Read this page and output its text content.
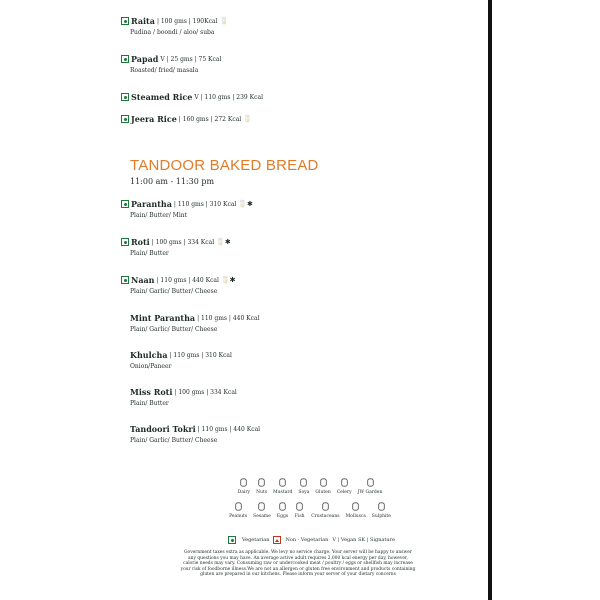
TANDOOR BAKED BREAD
11:00 am - 11:30 pm
Dairy Nuts Mustard Soya Gluten Celery JW Garden
Peanuts Sesame Eggs Fish Crustaceans Molluscs Sulphite
Vegetarian	Non - Vegetarian V | Vegan SK | Signature
Government taxes extra as applicable. We levy no service charge. Your server will be happy to answer any questions you may have. An average active adult requires 2,000 kcal energy per day, however, calorie needs may vary. Consuming raw or undercooked meat / poultry / eggs or shellfish may increase your risk of foodborne illness.We are not an allergen or gluten free environment and products containing gluten are prepared in our kitchens. Please inform your server of your dietary concerns
Raita | 100 gms | 190Kcal 🥛
Pudina / boondi / aloo/ suba
Papad V | 25 gms | 75 Kcal
Roasted/ fried/ masala
Steamed Rice V | 110 gms | 239 Kcal
Jeera Rice | 160 gms | 272 Kcal 🥛
Parantha | 110 gms | 310 Kcal 🥛✱
Plain/ Butter/ Mint
Roti | 100 gms | 334 Kcal 🥛✱
Plain/ Butter
Naan | 110 gms | 440 Kcal 🥛✱
Plain/ Garlic/ Butter/ Cheese
Mint Parantha | 110 gms | 440 Kcal
Plain/ Garlic/ Butter/ Cheese
Khulcha | 110 gms | 310 Kcal
Onion/Paneer
Miss Roti | 100 gms | 334 Kcal
Plain/ Butter
Tandoori Tokri | 110 gms | 440 Kcal
Plain/ Garlic/ Butter/ Cheese
